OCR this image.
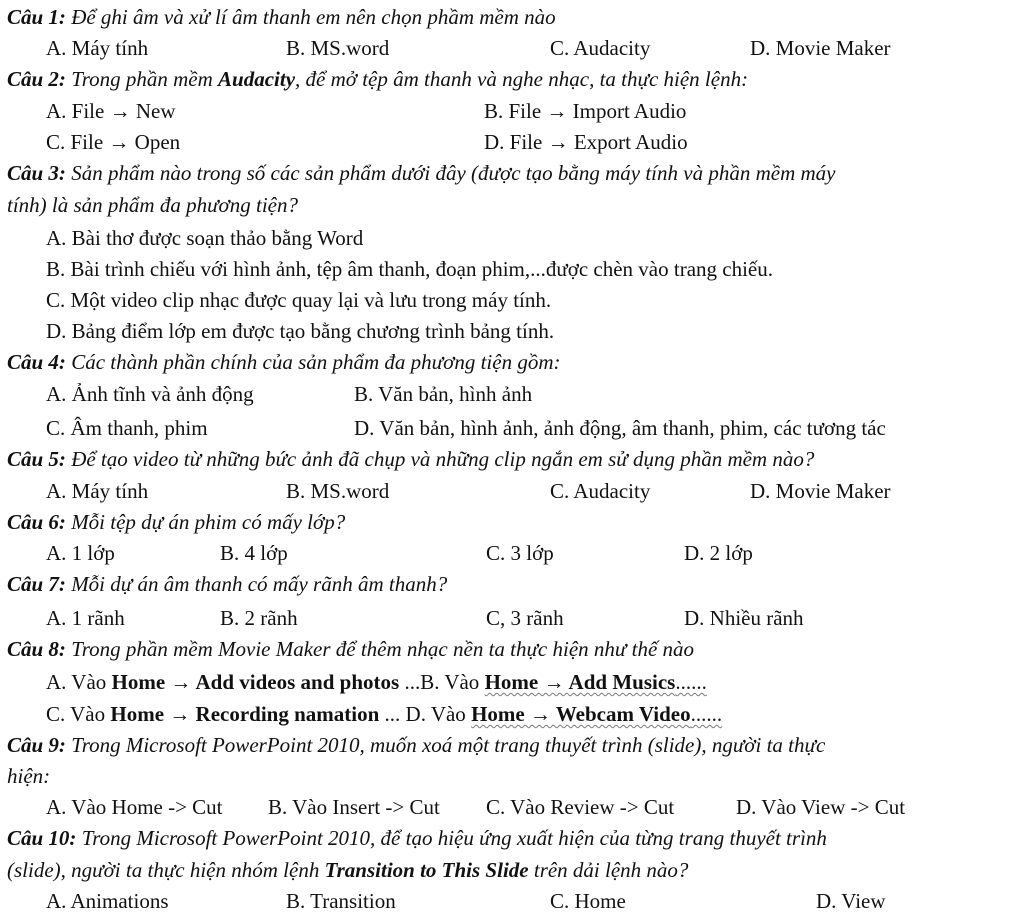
Câu 1: Để ghi âm và xử lí âm thanh em nên chọn phầm mềm nào
A. Máy tính	B. MS.word	C. Audacity	D. Movie Maker
Câu 2: Trong phần mềm Audacity, để mở tệp âm thanh và nghe nhạc, ta thực hiện lệnh:
A. File → New	B. File → Import Audio
C. File → Open	D. File → Export Audio
Câu 3: Sản phẩm nào trong số các sản phẩm dưới đây (được tạo bằng máy tính và phần mềm máy
tính) là sản phẩm đa phương tiện?
A. Bài thơ được soạn thảo bằng Word
B. Bài trình chiếu với hình ảnh, tệp âm thanh, đoạn phim,...được chèn vào trang chiếu.
C. Một video clip nhạc được quay lại và lưu trong máy tính.
D. Bảng điểm lớp em được tạo bằng chương trình bảng tính.
Câu 4: Các thành phần chính của sản phẩm đa phương tiện gồm:
A. Ảnh tĩnh và ảnh động	B. Văn bản, hình ảnh
C. Âm thanh, phim	D. Văn bản, hình ảnh, ảnh động, âm thanh, phim, các tương tác
Câu 5: Để tạo video từ những bức ảnh đã chụp và những clip ngắn em sử dụng phần mềm nào?
A. Máy tính	B. MS.word	C. Audacity	D. Movie Maker
Câu 6: Mỗi tệp dự án phim có mấy lớp?
A. 1 lớp	B. 4 lớp	C. 3 lớp	D. 2 lớp
Câu 7: Mỗi dự án âm thanh có mấy rãnh âm thanh?
A. 1 rãnh	B. 2 rãnh	C, 3 rãnh	D. Nhiều rãnh
Câu 8: Trong phần mềm Movie Maker để thêm nhạc nền ta thực hiện như thế nào
A. Vào Home → Add videos and photos ...B. Vào Home → Add Musics......
C. Vào Home → Recording namation ... D. Vào Home → Webcam Video......
Câu 9: Trong Microsoft PowerPoint 2010, muốn xoá một trang thuyết trình (slide), người ta thực
hiện:
A. Vào Home -> Cut B. Vào Insert -> Cut C. Vào Review -> Cut	D. Vào View -> Cut
Câu 10: Trong Microsoft PowerPoint 2010, để tạo hiệu ứng xuất hiện của từng trang thuyết trình
(slide), người ta thực hiện nhóm lệnh Transition to This Slide trên dải lệnh nào?
A. Animations	B. Transition	C. Home	D. View
